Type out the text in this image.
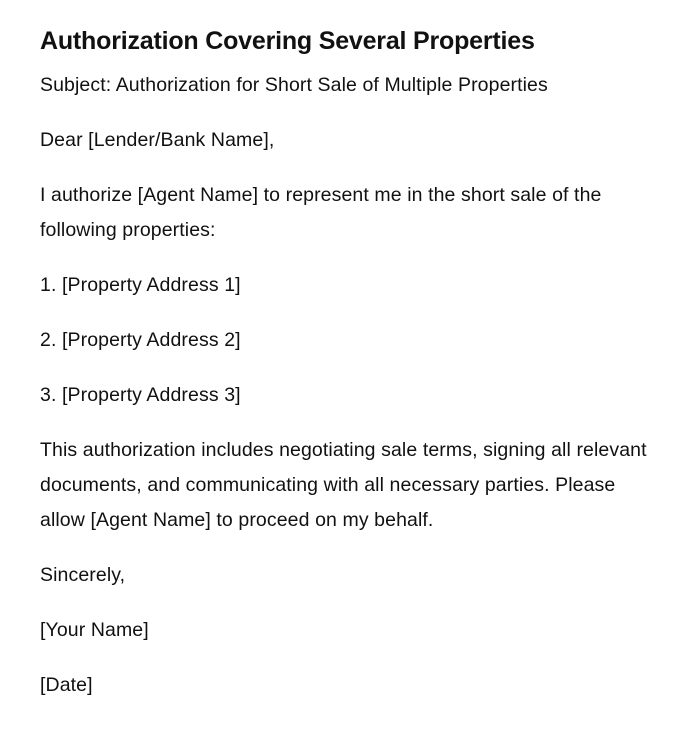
Authorization Covering Several Properties

Subject: Authorization for Short Sale of Multiple Properties

Dear [Lender/Bank Name],

I authorize [Agent Name] to represent me in the short sale of the following properties:

1. [Property Address 1]

2. [Property Address 2]

3. [Property Address 3]

This authorization includes negotiating sale terms, signing all relevant documents, and communicating with all necessary parties. Please allow [Agent Name] to proceed on my behalf.

Sincerely,

[Your Name]

[Date]
